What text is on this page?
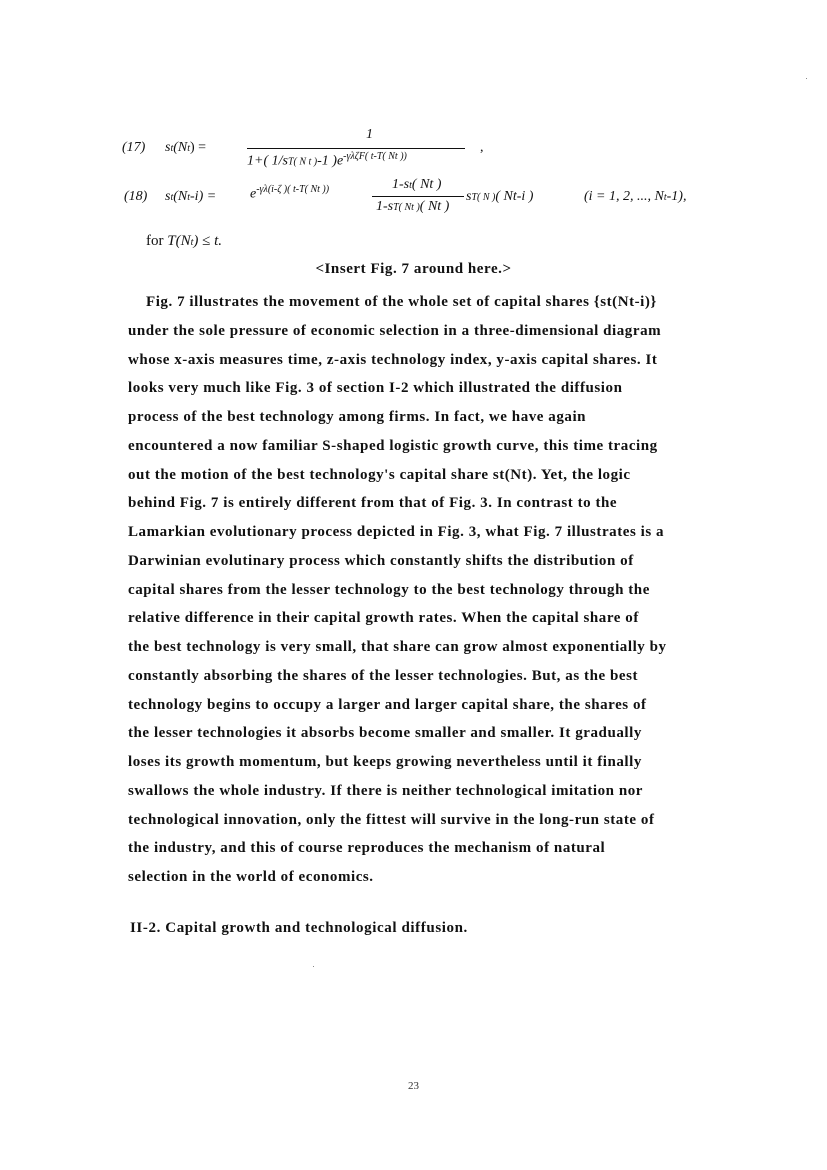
(17) st(Nt) =
1
1+( 1/sT( N t )-1 )$e^{-\gamma\lambda\zeta F( t-T( Nt ))}$
,
(18) $st(Nt-i) = e^{-\gamma\lambda(i-\zeta )( t-T( Nt ))}$	1-st( Nt )
1-sT( Nt )( Nt )
sT( N )( Nt-i )	(i = 1, 2, ..., Nt-1),
for T(Nt) ≤ t.
<Insert Fig. 7 around here.>
Fig. 7 illustrates the movement of the whole set of capital shares {st(Nt-i)}
under the sole pressure of economic selection in a three-dimensional diagram
whose x-axis measures time, z-axis technology index, y-axis capital shares. It
looks very much like Fig. 3 of section I-2 which illustrated the diffusion
process of the best technology among firms. In fact, we have again
encountered a now familiar S-shaped logistic growth curve, this time tracing
out the motion of the best technology's capital share st(Nt). Yet, the logic
behind Fig. 7 is entirely different from that of Fig. 3. In contrast to the
Lamarkian evolutionary process depicted in Fig. 3, what Fig. 7 illustrates is a
Darwinian evolutinary process which constantly shifts the distribution of
capital shares from the lesser technology to the best technology through the
relative difference in their capital growth rates. When the capital share of
the best technology is very small, that share can grow almost exponentially by
constantly absorbing the shares of the lesser technologies. But, as the best
technology begins to occupy a larger and larger capital share, the shares of
the lesser technologies it absorbs become smaller and smaller. It gradually
loses its growth momentum, but keeps growing nevertheless until it finally
swallows the whole industry. If there is neither technological imitation nor
technological innovation, only the fittest will survive in the long-run state of
the industry, and this of course reproduces the mechanism of natural
selection in the world of economics.
II-2. Capital growth and technological diffusion.
23
